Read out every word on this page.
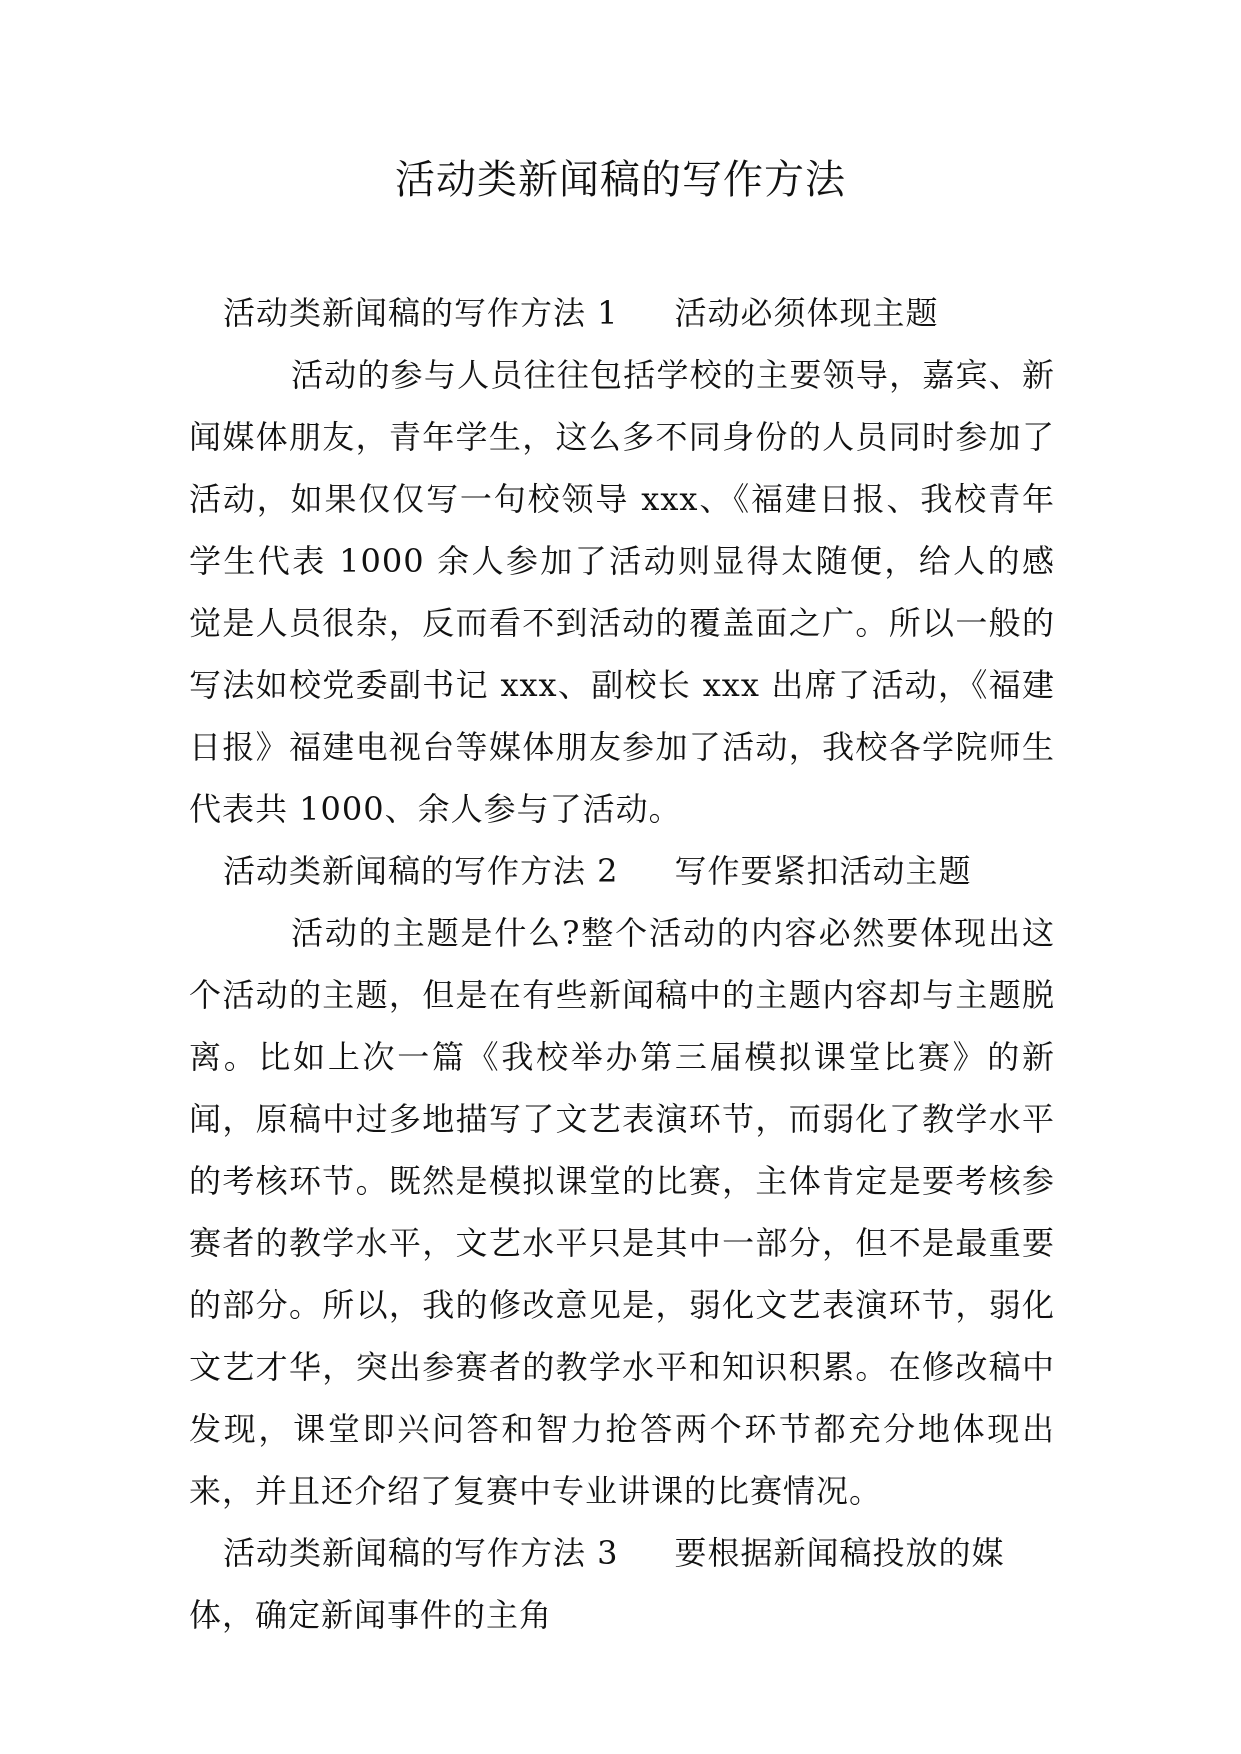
活动类新闻稿的写作方法

活动类新闻稿的写作方法 1 活动必须体现主题

活动的参与人员往往包括学校的主要领导，嘉宾、新闻媒体朋友，青年学生，这么多不同身份的人员同时参加了活动，如果仅仅写一句校领导 xxx、《福建日报、我校青年学生代表 1000 余人参加了活动则显得太随便，给人的感觉是人员很杂，反而看不到活动的覆盖面之广。所以一般的写法如校党委副书记 xxx、副校长 xxx 出席了活动，《福建日报》福建电视台等媒体朋友参加了活动，我校各学院师生代表共 1000、余人参与了活动。

活动类新闻稿的写作方法 2 写作要紧扣活动主题

活动的主题是什么?整个活动的内容必然要体现出这个活动的主题，但是在有些新闻稿中的主题内容却与主题脱离。比如上次一篇《我校举办第三届模拟课堂比赛》的新闻，原稿中过多地描写了文艺表演环节，而弱化了教学水平的考核环节。既然是模拟课堂的比赛，主体肯定是要考核参赛者的教学水平，文艺水平只是其中一部分，但不是最重要的部分。所以，我的修改意见是，弱化文艺表演环节，弱化文艺才华，突出参赛者的教学水平和知识积累。在修改稿中发现，课堂即兴问答和智力抢答两个环节都充分地体现出来，并且还介绍了复赛中专业讲课的比赛情况。

活动类新闻稿的写作方法 3 要根据新闻稿投放的媒体，确定新闻事件的主角
